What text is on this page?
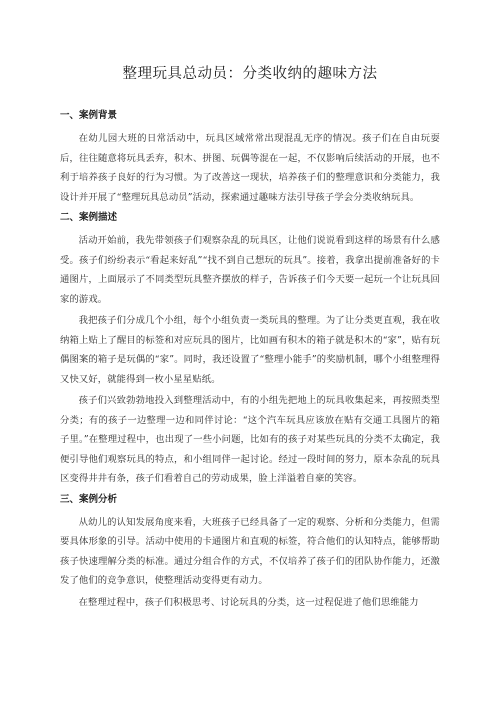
整理玩具总动员：分类收纳的趣味方法
一、案例背景

在幼儿园大班的日常活动中，玩具区域常常出现混乱无序的情况。孩子们在自由玩耍后，往往随意将玩具丢弃，积木、拼图、玩偶等混在一起，不仅影响后续活动的开展，也不利于培养孩子良好的行为习惯。为了改善这一现状，培养孩子们的整理意识和分类能力，我设计并开展了“整理玩具总动员”活动，探索通过趣味方法引导孩子学会分类收纳玩具。

二、案例描述

活动开始前，我先带领孩子们观察杂乱的玩具区，让他们说说看到这样的场景有什么感受。孩子们纷纷表示“看起来好乱”“找不到自己想玩的玩具”。接着，我拿出提前准备好的卡通图片，上面展示了不同类型玩具整齐摆放的样子，告诉孩子们今天要一起玩一个让玩具回家的游戏。

我把孩子们分成几个小组，每个小组负责一类玩具的整理。为了让分类更直观，我在收纳箱上贴上了醒目的标签和对应玩具的图片，比如画有积木的箱子就是积木的“家”，贴有玩偶图案的箱子是玩偶的“家”。同时，我还设置了“整理小能手”的奖励机制，哪个小组整理得又快又好，就能得到一枚小星星贴纸。

孩子们兴致勃勃地投入到整理活动中，有的小组先把地上的玩具收集起来，再按照类型分类；有的孩子一边整理一边和同伴讨论：“这个汽车玩具应该放在贴有交通工具图片的箱子里。”在整理过程中，也出现了一些小问题，比如有的孩子对某些玩具的分类不太确定，我便引导他们观察玩具的特点，和小组同伴一起讨论。经过一段时间的努力，原本杂乱的玩具区变得井井有条，孩子们看着自己的劳动成果，脸上洋溢着自豪的笑容。

三、案例分析

从幼儿的认知发展角度来看，大班孩子已经具备了一定的观察、分析和分类能力，但需要具体形象的引导。活动中使用的卡通图片和直观的标签，符合他们的认知特点，能够帮助孩子快速理解分类的标准。通过分组合作的方式，不仅培养了孩子们的团队协作能力，还激发了他们的竞争意识，使整理活动变得更有动力。

在整理过程中，孩子们积极思考、讨论玩具的分类，这一过程促进了他们思维能力
